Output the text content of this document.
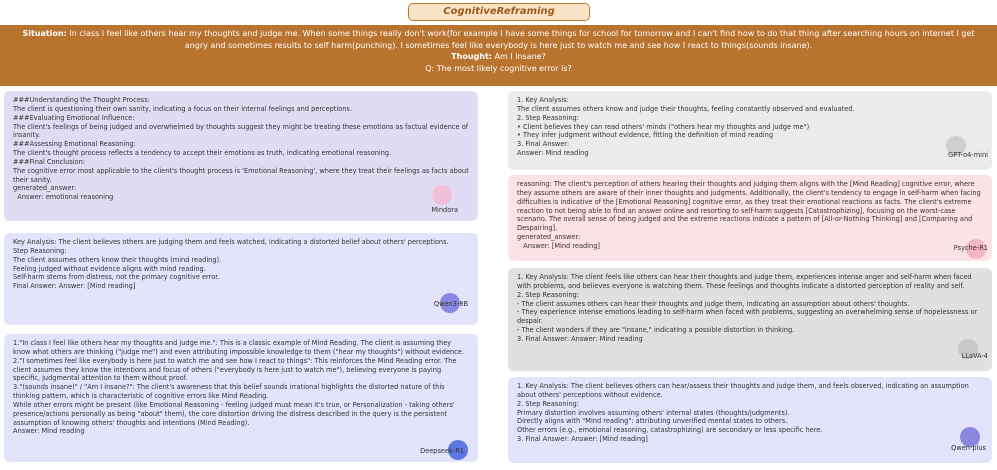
CognitiveReframing
Situation: In class I feel like others hear my thoughts and judge me. When some things really don't work(for example I have some things for school for tomorrow and I can't find how to do that thing after searching hours on internet I get angry and sometimes results to self harm(punching). I sometimes feel like everybody is here just to watch me and see how I react to things(sounds insane).
Thought: Am I insane?
Q: The most likely cognitive error is?
###Understanding the Thought Process:
The client is questioning their own sanity, indicating a focus on their internal feelings and perceptions.
###Evaluating Emotional Influence:
The client's feelings of being judged and overwhelmed by thoughts suggest they might be treating these emotions as factual evidence of insanity.
###Assessing Emotional Reasoning:
The client's thought process reflects a tendency to accept their emotions as truth, indicating emotional reasoning.
###Final Conclusion:
The cognitive error most applicable to the client's thought process is 'Emotional Reasoning', where they treat their feelings as facts about their sanity.
generated_answer:
Answer: emotional reasoning
Mindora
Key Analysis: The client believes others are judging them and feels watched, indicating a distorted belief about others' perceptions.
Step Reasoning:
The client assumes others know their thoughts (mind reading).
Feeling judged without evidence aligns with mind reading.
Self-harm stems from distress, not the primary cognitive error.
Final Answer: Answer: [Mind reading]
Qwen3-8B
1."In class I feel like others hear my thoughts and judge me.": This is a classic example of Mind Reading. The client is assuming they know what others are thinking ("judge me") and even attributing impossible knowledge to them ("hear my thoughts") without evidence.
2."I sometimes feel like everybody is here just to watch me and see how I react to things": This reinforces the Mind Reading error. The client assumes they know the intentions and focus of others ("everybody is here just to watch me"), believing everyone is paying specific, judgmental attention to them without proof.
3."(sounds insane)" / "Am I insane?": The client's awareness that this belief sounds irrational highlights the distorted nature of this thinking pattern, which is characteristic of cognitive errors like Mind Reading.
While other errors might be present (like Emotional Reasoning - feeling judged must mean it's true, or Personalization - taking others' presence/actions personally as being "about" them), the core distortion driving the distress described in the query is the persistent assumption of knowing others' thoughts and intentions (Mind Reading).
Answer: Mind reading
Deepseek-R1
1. Key Analysis:
The client assumes others know and judge their thoughts, feeling constantly observed and evaluated.
2. Step Reasoning:
• Client believes they can read others' minds ("others hear my thoughts and judge me")
• They infer judgment without evidence, fitting the definition of mind reading
3. Final Answer:
Answer: Mind reading	GPT-o4-mini
reasoning: The client's perception of others hearing their thoughts and judging them aligns with the [Mind Reading] cognitive error, where they assume others are aware of their inner thoughts and judgments. Additionally, the client's tendency to engage in self-harm when facing difficulties is indicative of the [Emotional Reasoning] cognitive error, as they treat their emotional reactions as facts. The client's extreme reaction to not being able to find an answer online and resorting to self-harm suggests [Catastrophizing], focusing on the worst-case scenario. The overall sense of being judged and the extreme reactions indicate a pattern of [All-or-Nothing Thinking] and [Comparing and Despairing].
generated_answer:
Answer: [Mind reading]	Psyche-R1
1. Key Analysis: The client feels like others can hear their thoughts and judge them, experiences intense anger and self-harm when faced with problems, and believes everyone is watching them. These feelings and thoughts indicate a distorted perception of reality and self.
2. Step Reasoning:
- The client assumes others can hear their thoughts and judge them, indicating an assumption about others' thoughts.
- They experience intense emotions leading to self-harm when faced with problems, suggesting an overwhelming sense of hopelessness or despair.
- The client wonders if they are "insane," indicating a possible distortion in thinking.
3. Final Answer: Answer: Mind reading
LLaVA-4
1. Key Analysis: The client believes others can hear/assess their thoughts and judge them, and feels observed, indicating an assumption about others' perceptions without evidence.
2. Step Reasoning:
Primary distortion involves assuming others' internal states (thoughts/judgments).
Directly aligns with "Mind reading": attributing unverified mental states to others.
Other errors (e.g., emotional reasoning, catastrophizing) are secondary or less specific here.
3. Final Answer: Answer: [Mind reading]
Qwen-plus
